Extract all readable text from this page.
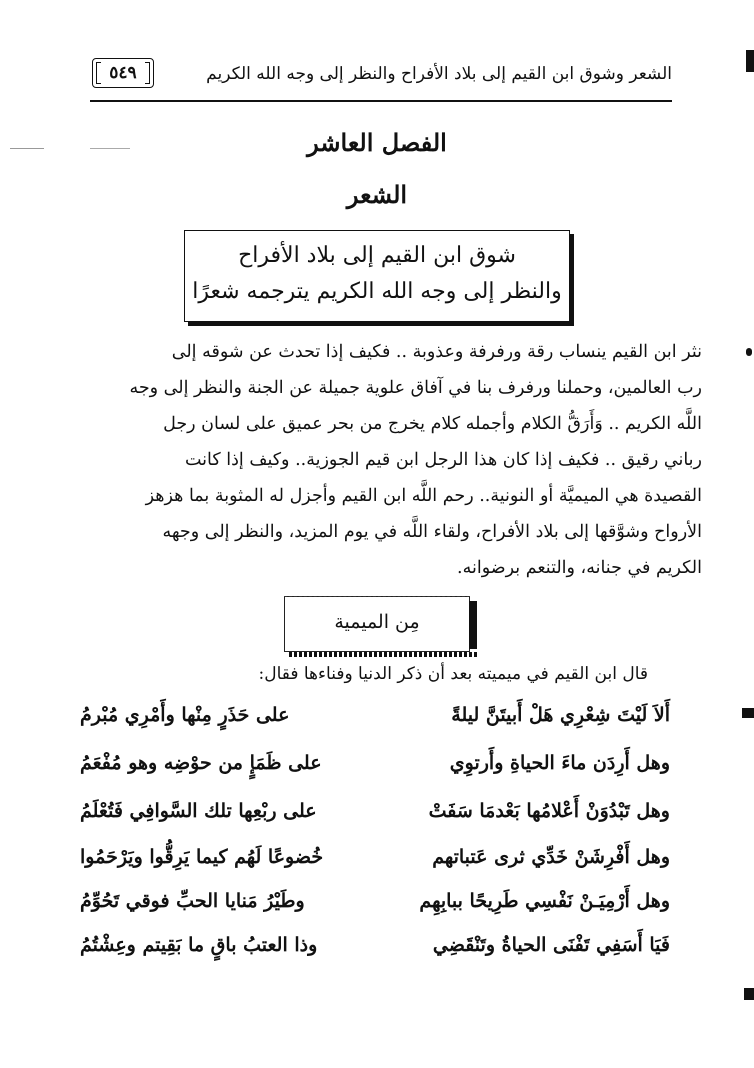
الشعر وشوق ابن القيم إلى بلاد الأفراح والنظر إلى وجه الله الكريم
٥٤٩
الفصل العاشر
الشعر
شوق ابن القيم إلى بلاد الأفراح
والنظر إلى وجه الله الكريم يترجمه شعرًا
نثر ابن القيم ينساب رقة ورفرفة وعذوبة .. فكيف إذا تحدث عن شوقه إلى
رب العالمين، وحملنا ورفرف بنا في آفاق علوية جميلة عن الجنة والنظر إلى وجه
اللَّه الكريم .. وَأَرَقُّ الكلام وأجمله كلام يخرج من بحر عميق على لسان رجل
رباني رقيق .. فكيف إذا كان هذا الرجل ابن قيم الجوزية.. وكيف إذا كانت
القصيدة هي الميميَّة أو النونية.. رحم اللَّه ابن القيم وأجزل له المثوبة بما هزهز
الأرواح وشوَّقها إلى بلاد الأفراح، ولقاء اللَّه في يوم المزيد، والنظر إلى وجهه
الكريم في جنانه، والتنعم برضوانه.
مِن الميمية
قال ابن القيم في ميميته بعد أن ذكر الدنيا وفناءها فقال:
أَلاَ لَيْتَ شِعْرِي هَلْ أَبيتَنَّ ليلةً
على حَذَرٍ مِنْها وأَمْرِي مُبْرمُ
وهل أَرِدَن ماءَ الحياةِ وأَرتوِي
على ظَمَإٍ من حوْضِه وهو مُفْعَمُ
وهل تَبْدُوَنْ أَعْلامُها بَعْدمَا سَفَتْ
على ربْعِها تلك السَّوافِي فَتُعْلَمُ
وهل أَفْرِشَنْ خَدِّي ثرى عَتباتهم
خُضوعًا لَهُم كيما يَرِقُّوا ويَرْحَمُوا
وهل أَرْمِيَـنْ نَفْسِي طَرِيحًا ببابِهِم
وطَيْرُ مَنايا الحبِّ فوقي تَحُوِّمُ
فَيَا أَسَفِي تَفْنَى الحياةُ وتَنْقَضِي
وذا العتبُ باقٍ ما بَقِيتم وعِشْتُمُ
